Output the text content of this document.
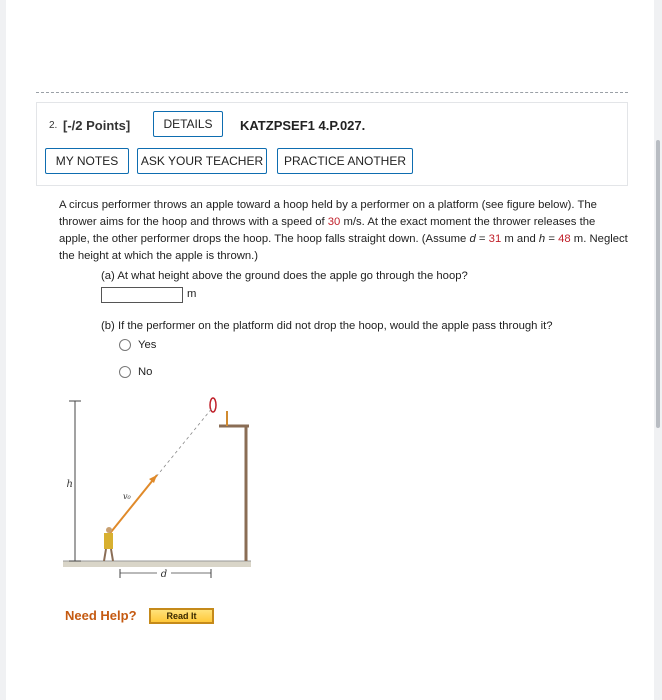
2. [-/2 Points]	DETAILS	KATZPSEF1 4.P.027.
MY NOTES	ASK YOUR TEACHER	PRACTICE ANOTHER
A circus performer throws an apple toward a hoop held by a performer on a platform (see figure below). The thrower aims for the hoop and throws with a speed of 30 m/s. At the exact moment the thrower releases the apple, the other performer drops the hoop. The hoop falls straight down. (Assume d = 31 m and h = 48 m. Neglect the height at which the apple is thrown.)
(a) At what height above the ground does the apple go through the hoop?
m
(b) If the performer on the platform did not drop the hoop, would the apple pass through it?
Yes
No
h
v₀
d
Need Help?	Read It
